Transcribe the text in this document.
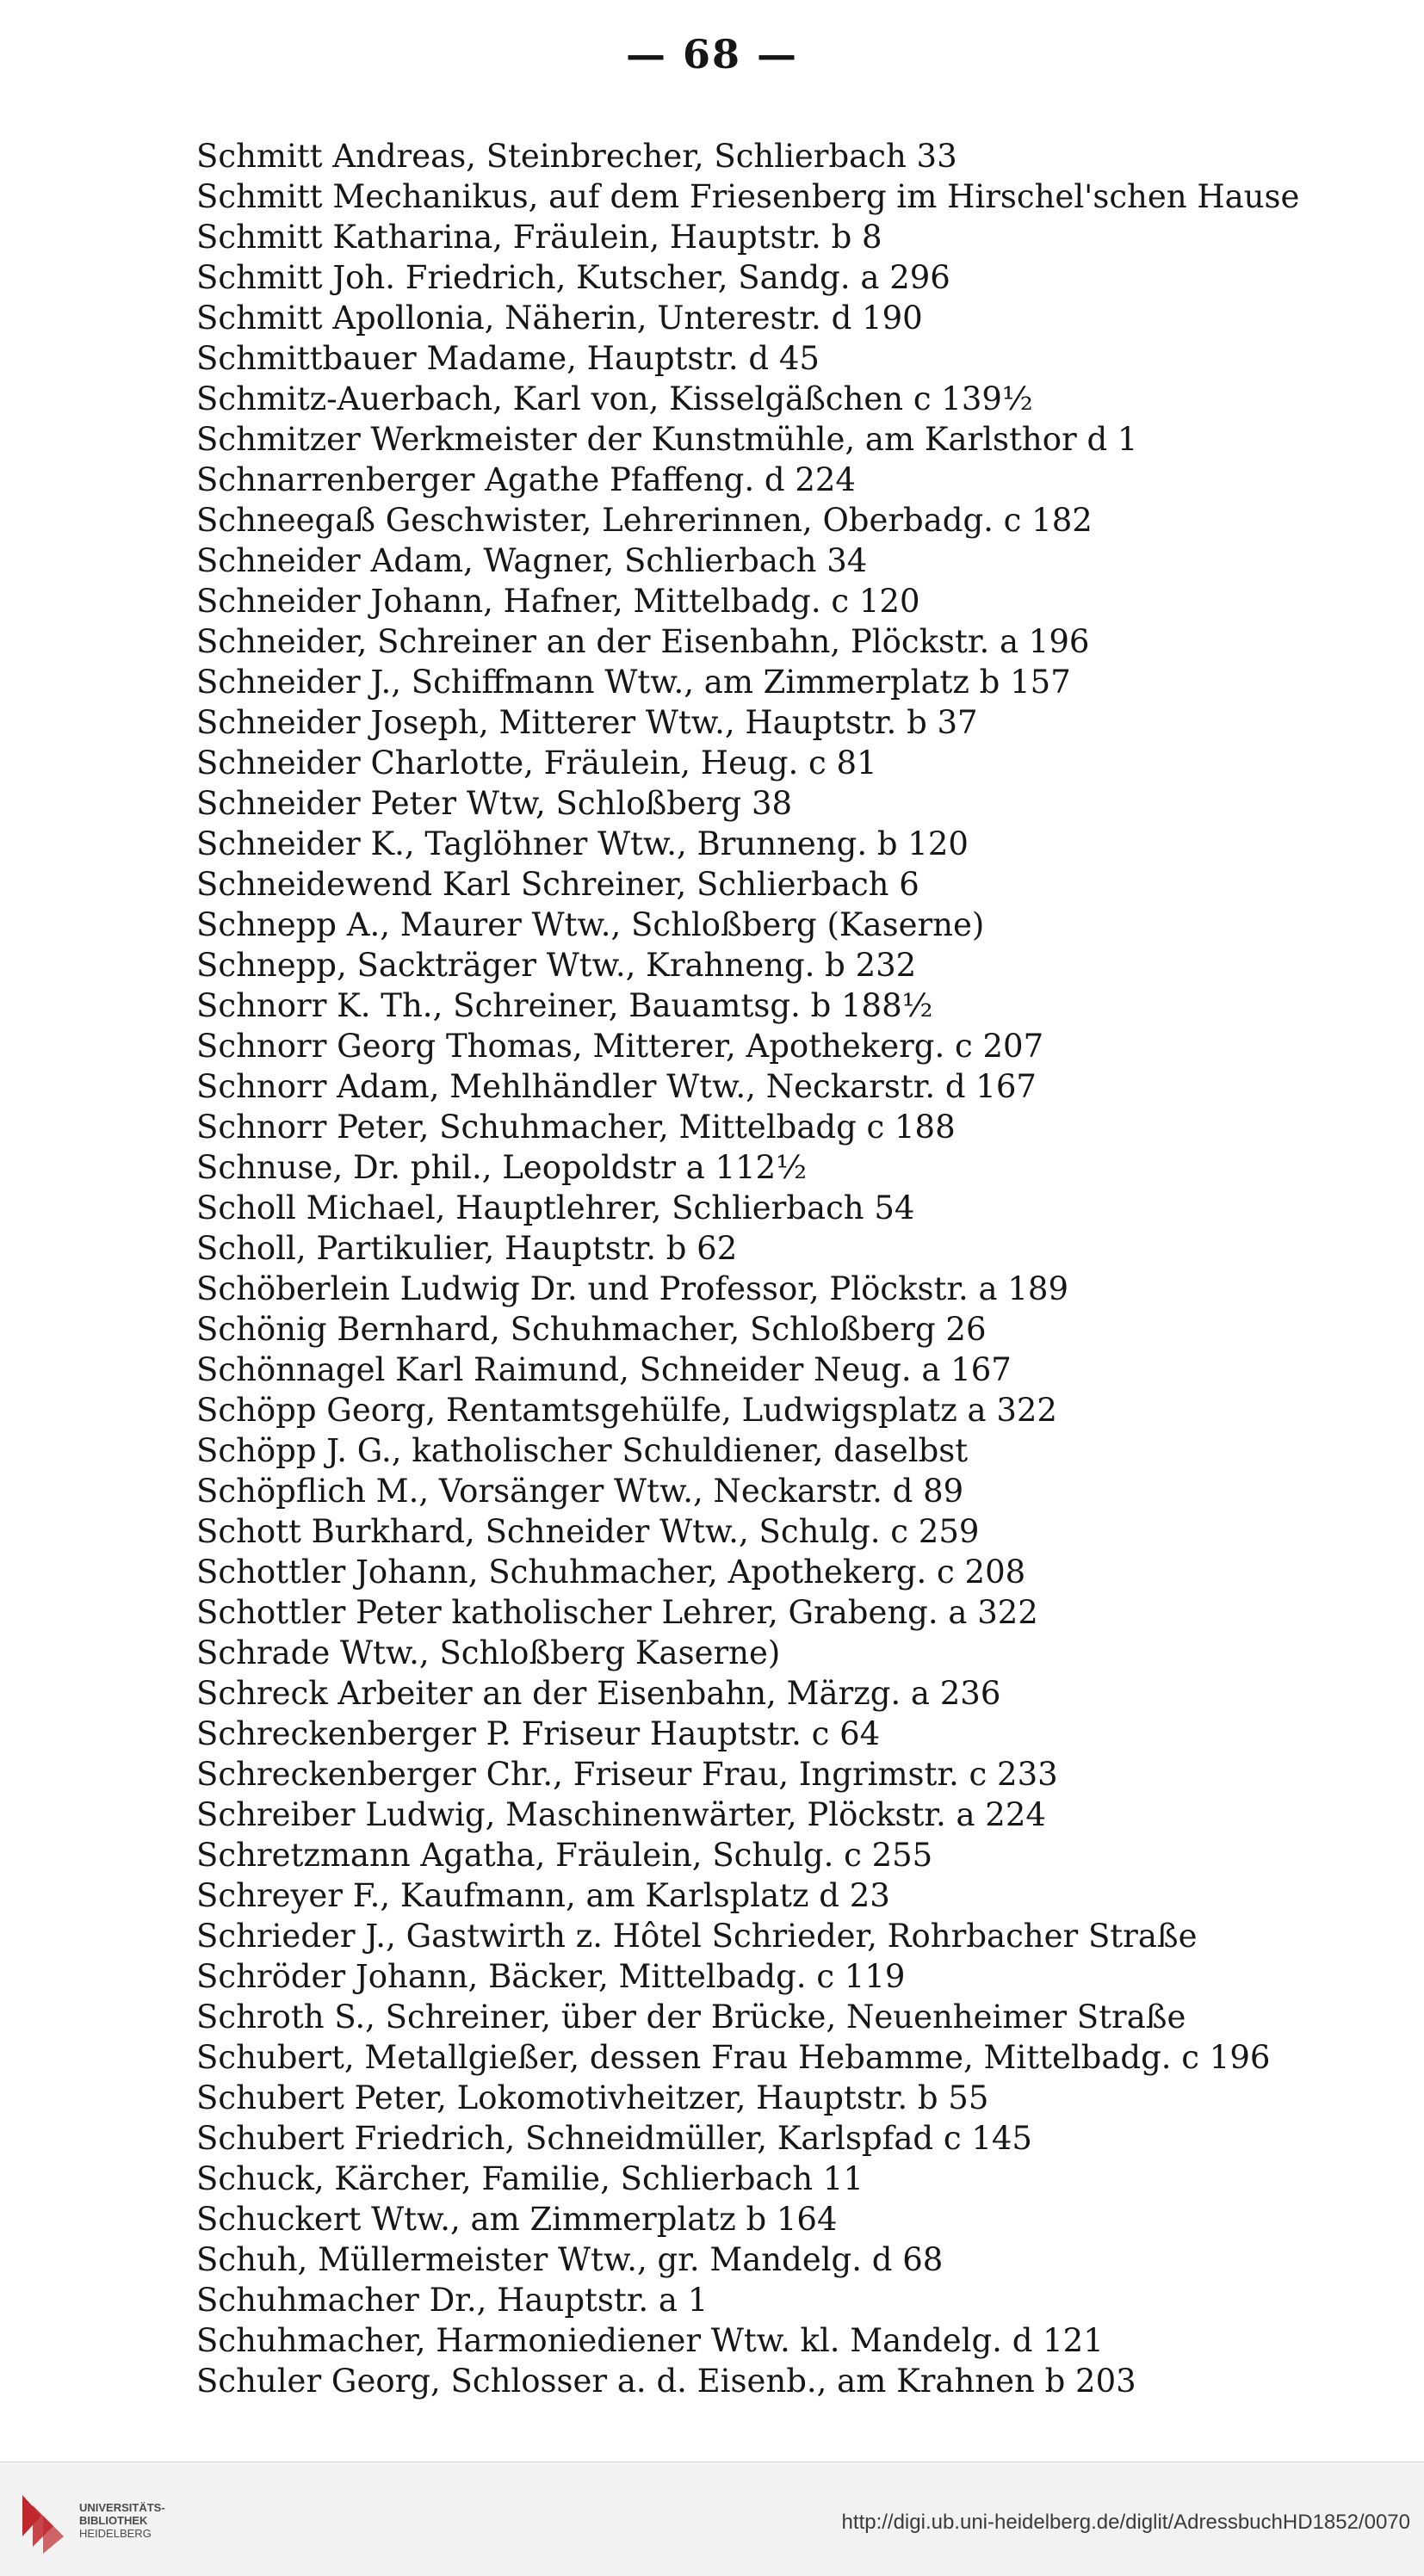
— 68 —
Schmitt Andreas, Steinbrecher, Schlierbach 33
Schmitt Mechanikus, auf dem Friesenberg im Hirschel'schen Hause
Schmitt Katharina, Fräulein, Hauptstr. b 8
Schmitt Joh. Friedrich, Kutscher, Sandg. a 296
Schmitt Apollonia, Näherin, Unterestr. d 190
Schmittbauer Madame, Hauptstr. d 45
Schmitz-Auerbach, Karl von, Kisselgäßchen c 139½
Schmitzer Werkmeister der Kunstmühle, am Karlsthor d 1
Schnarrenberger Agathe Pfaffeng. d 224
Schneegaß Geschwister, Lehrerinnen, Oberbadg. c 182
Schneider Adam, Wagner, Schlierbach 34
Schneider Johann, Hafner, Mittelbadg. c 120
Schneider, Schreiner an der Eisenbahn, Plöckstr. a 196
Schneider J., Schiffmann Wtw., am Zimmerplatz b 157
Schneider Joseph, Mitterer Wtw., Hauptstr. b 37
Schneider Charlotte, Fräulein, Heug. c 81
Schneider Peter Wtw, Schloßberg 38
Schneider K., Taglöhner Wtw., Brunneng. b 120
Schneidewend Karl Schreiner, Schlierbach 6
Schnepp A., Maurer Wtw., Schloßberg (Kaserne)
Schnepp, Sackträger Wtw., Krahneng. b 232
Schnorr K. Th., Schreiner, Bauamtsg. b 188½
Schnorr Georg Thomas, Mitterer, Apothekerg. c 207
Schnorr Adam, Mehlhändler Wtw., Neckarstr. d 167
Schnorr Peter, Schuhmacher, Mittelbadg c 188
Schnuse, Dr. phil., Leopoldstr a 112½
Scholl Michael, Hauptlehrer, Schlierbach 54
Scholl, Partikulier, Hauptstr. b 62
Schöberlein Ludwig Dr. und Professor, Plöckstr. a 189
Schönig Bernhard, Schuhmacher, Schloßberg 26
Schönnagel Karl Raimund, Schneider Neug. a 167
Schöpp Georg, Rentamtsgehülfe, Ludwigsplatz a 322
Schöpp J. G., katholischer Schuldiener, daselbst
Schöpflich M., Vorsänger Wtw., Neckarstr. d 89
Schott Burkhard, Schneider Wtw., Schulg. c 259
Schottler Johann, Schuhmacher, Apothekerg. c 208
Schottler Peter katholischer Lehrer, Grabeng. a 322
Schrade Wtw., Schloßberg Kaserne)
Schreck Arbeiter an der Eisenbahn, Märzg. a 236
Schreckenberger P. Friseur Hauptstr. c 64
Schreckenberger Chr., Friseur Frau, Ingrimstr. c 233
Schreiber Ludwig, Maschinenwärter, Plöckstr. a 224
Schretzmann Agatha, Fräulein, Schulg. c 255
Schreyer F., Kaufmann, am Karlsplatz d 23
Schrieder J., Gastwirth z. Hôtel Schrieder, Rohrbacher Straße
Schröder Johann, Bäcker, Mittelbadg. c 119
Schroth S., Schreiner, über der Brücke, Neuenheimer Straße
Schubert, Metallgießer, dessen Frau Hebamme, Mittelbadg. c 196
Schubert Peter, Lokomotivheitzer, Hauptstr. b 55
Schubert Friedrich, Schneidmüller, Karlspfad c 145
Schuck, Kärcher, Familie, Schlierbach 11
Schuckert Wtw., am Zimmerplatz b 164
Schuh, Müllermeister Wtw., gr. Mandelg. d 68
Schuhmacher Dr., Hauptstr. a 1
Schuhmacher, Harmoniediener Wtw. kl. Mandelg. d 121
Schuler Georg, Schlosser a. d. Eisenb., am Krahnen b 203
UNIVERSITÄTS-
BIBLIOTHEK
HEIDELBERG	http://digi.ub.uni-heidelberg.de/diglit/AdressbuchHD1852/0070
